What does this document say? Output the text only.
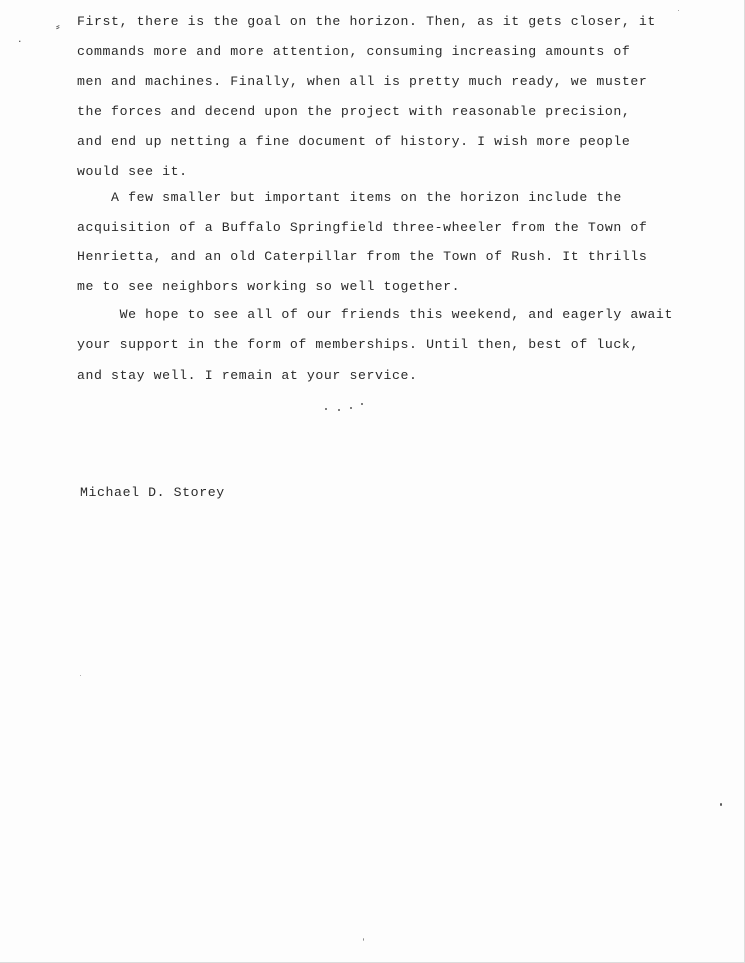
⸗
·
First, there is the goal on the horizon. Then, as it gets closer, it
commands more and more attention, consuming increasing amounts of
men and machines. Finally, when all is pretty much ready, we muster
the forces and decend upon the project with reasonable precision,
and end up netting a fine document of history. I wish more people
would see it.
A few smaller but important items on the horizon include the
acquisition of a Buffalo Springfield three-wheeler from the Town of
Henrietta, and an old Caterpillar from the Town of Rush. It thrills
me to see neighbors working so well together.
We hope to see all of our friends this weekend, and eagerly await
your support in the form of memberships. Until then, best of luck,
and stay well. I remain at your service.
Michael D. Storey
